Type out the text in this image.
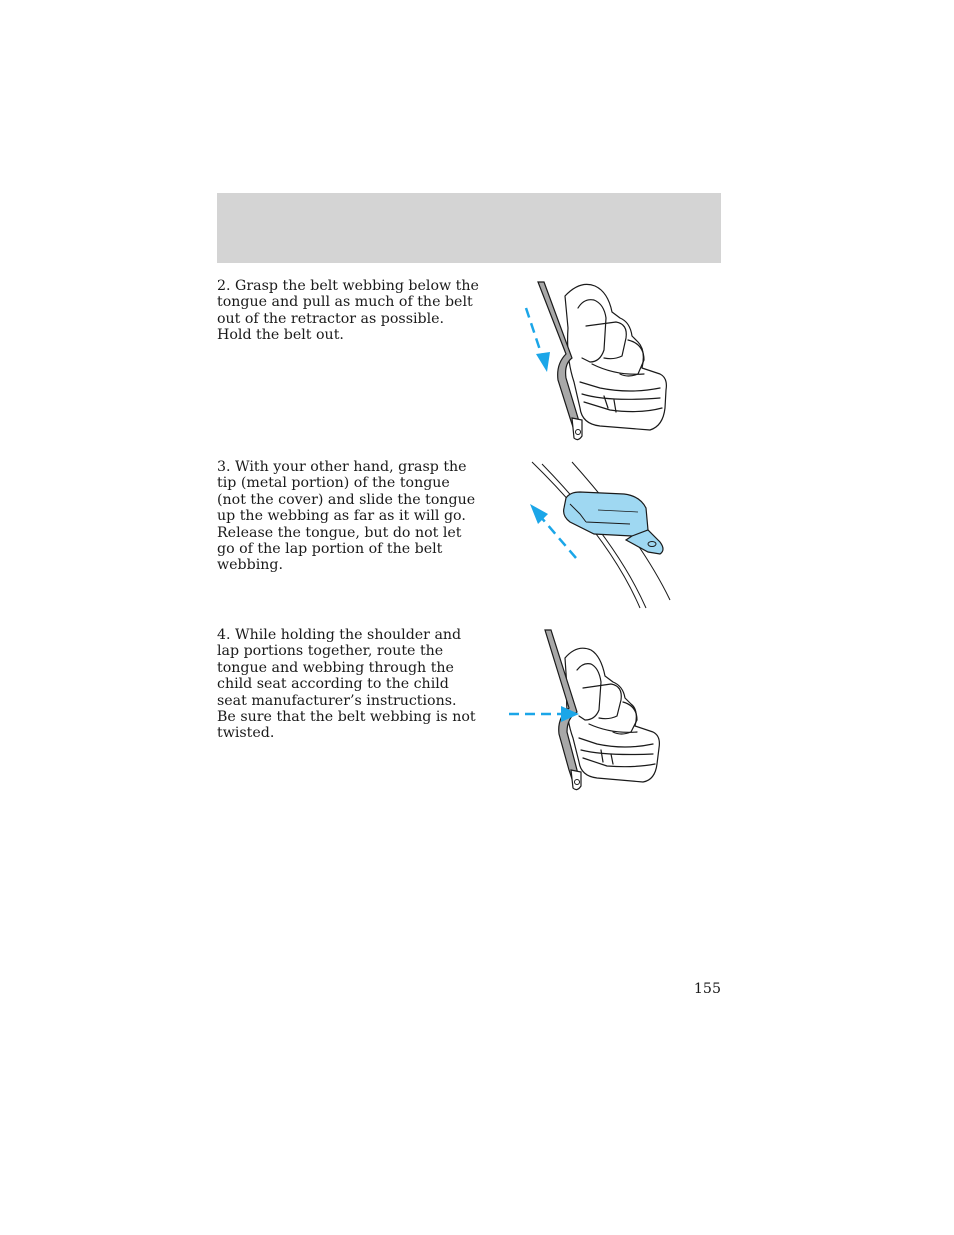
2. Grasp the belt webbing below the tongue and pull as much of the belt out of the retractor as possible. Hold the belt out.

3. With your other hand, grasp the tip (metal portion) of the tongue (not the cover) and slide the tongue up the webbing as far as it will go. Release the tongue, but do not let go of the lap portion of the belt webbing.

4. While holding the shoulder and lap portions together, route the tongue and webbing through the child seat according to the child seat manufacturer’s instructions. Be sure that the belt webbing is not twisted.

155
